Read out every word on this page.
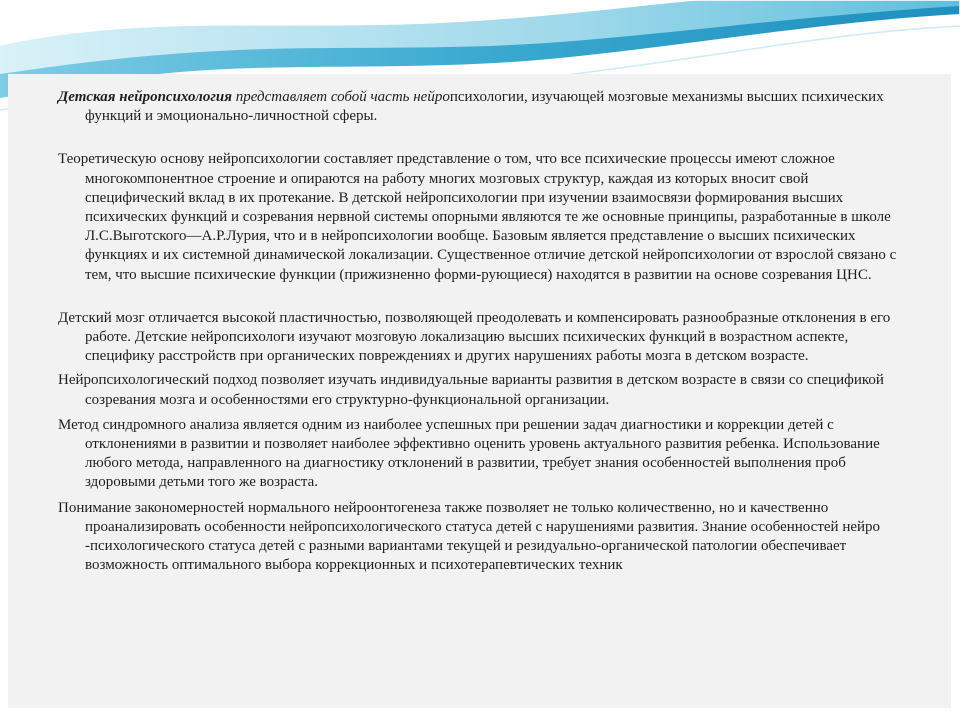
Детская нейропсихология представляет собой часть нейропсихологии, изучающей мозговые механизмы высших психических функций и эмоционально-личностной сферы.

Теоретическую основу нейропсихологии составляет представление о том, что все психические процессы имеют сложное многокомпонентное строение и опираются на работу многих мозговых структур, каждая из которых вносит свой специфический вклад в их протекание. В детской нейропсихологии при изучении взаимосвязи формирования высших психических функций и созревания нервной системы опорными являются те же основные принципы, разработанные в школе Л.С.Выготского—А.Р.Лурия, что и в нейропсихологии вообще. Базовым является представление о высших психических функциях и их системной динамической локализации. Существенное отличие детской нейропсихологии от взрослой связано с тем, что высшие психические функции (прижизненно форми-рующиеся) находятся в развитии на основе созревания ЦНС.

Детский мозг отличается высокой пластичностью, позволяющей преодолевать и компенсировать разнообразные отклонения в его работе. Детские нейропсихологи изучают мозговую локализацию высших психических функций в возрастном аспекте, специфику расстройств при органических повреждениях и других нарушениях работы мозга в детском возрасте.

Нейропсихологический подход позволяет изучать индивидуальные варианты развития в детском возрасте в связи со спецификой созревания мозга и особенностями его структурно-функциональной организации.

Метод синдромного анализа является одним из наиболее успешных при решении задач диагностики и коррекции детей с отклонениями в развитии и позволяет наиболее эффективно оценить уровень актуального развития ребенка. Использование любого метода, направленного на диагностику отклонений в развитии, требует знания особенностей выполнения проб здоровыми детьми того же возраста.

Понимание закономерностей нормального нейроонтогенеза также позволяет не только количественно, но и качественно проанализировать особенности нейропсихологического статуса детей с нарушениями развития. Знание особенностей нейро -психологического статуса детей с разными вариантами текущей и резидуально-органической патологии обеспечивает возможность оптимального выбора коррекционных и психотерапевтических техник
